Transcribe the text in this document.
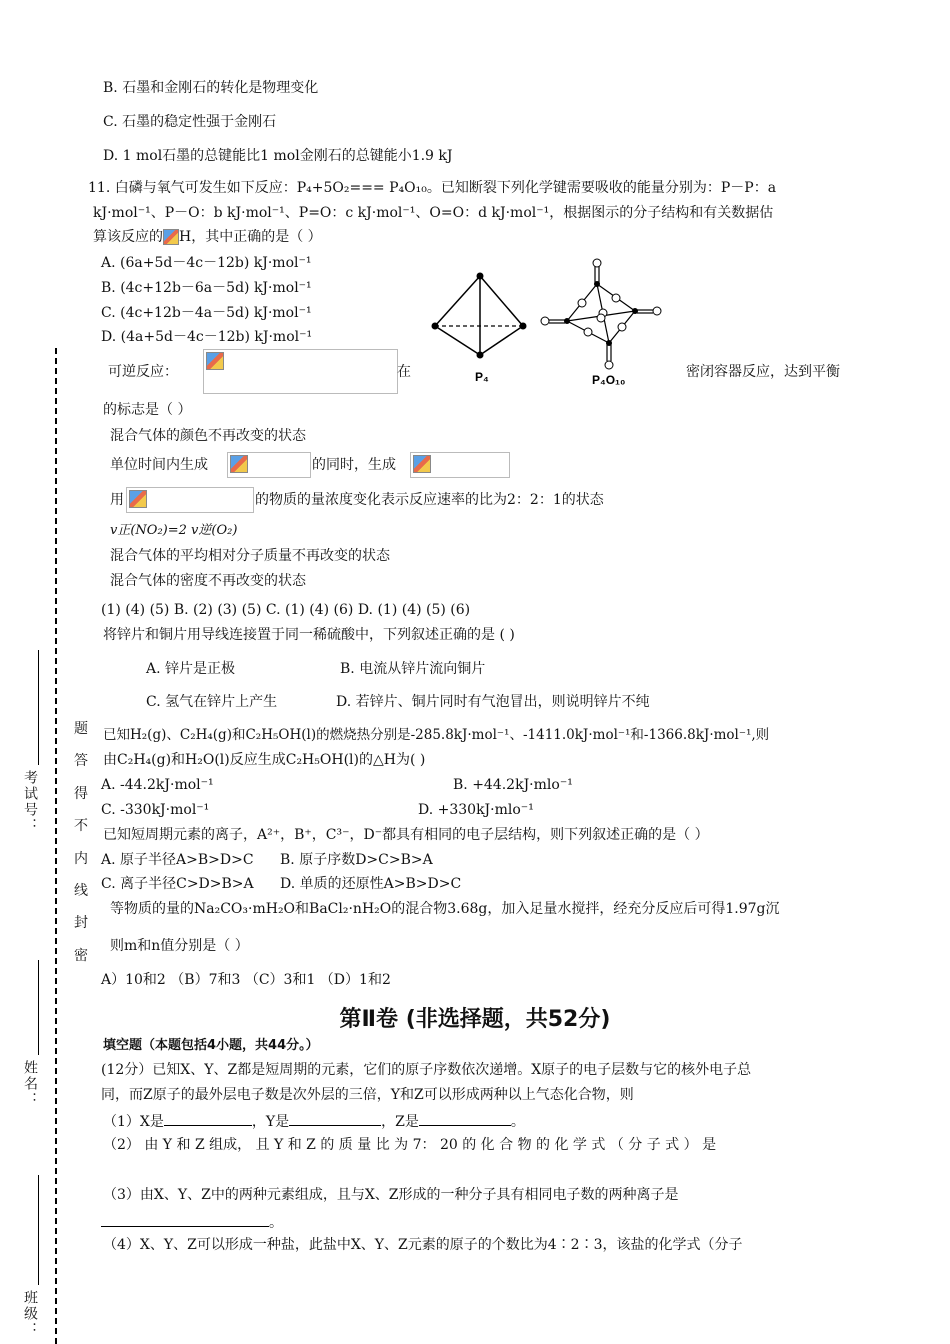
考试号：
姓名：
班级：
题
答
得
不
内
线
封
密
B. 石墨和金刚石的转化是物理变化
C. 石墨的稳定性强于金刚石
D. 1 mol石墨的总键能比1 mol金刚石的总键能小1.9 kJ
11. 白磷与氧气可发生如下反应：P₄+5O₂=== P₄O₁₀。已知断裂下列化学键需要吸收的能量分别为：P－P：a
kJ·mol⁻¹、P－O：b kJ·mol⁻¹、P=O：c kJ·mol⁻¹、O=O：d kJ·mol⁻¹，根据图示的分子结构和有关数据估
算该反应的 H，其中正确的是（ ）
A. (6a+5d－4c－12b) kJ·mol⁻¹
B. (4c+12b－6a－5d) kJ·mol⁻¹
C. (4c+12b－4a－5d) kJ·mol⁻¹
D. (4a+5d－4c－12b) kJ·mol⁻¹
P₄	P₄O₁₀
可逆反应：	在	密闭容器反应，达到平衡
的标志是（ ）
混合气体的颜色不再改变的状态
单位时间内生成	的同时，生成
用	的物质的量浓度变化表示反应速率的比为2：2：1的状态
v正(NO₂)=2 v逆(O₂)
混合气体的平均相对分子质量不再改变的状态
混合气体的密度不再改变的状态
(1) (4) (5) B. (2) (3) (5) C. (1) (4) (6) D. (1) (4) (5) (6)
将锌片和铜片用导线连接置于同一稀硫酸中，下列叙述正确的是 ( )
A. 锌片是正极	B. 电流从锌片流向铜片
C. 氢气在锌片上产生	D. 若锌片、铜片同时有气泡冒出，则说明锌片不纯
已知H₂(g)、C₂H₄(g)和C₂H₅OH(l)的燃烧热分别是-285.8kJ·mol⁻¹、-1411.0kJ·mol⁻¹和-1366.8kJ·mol⁻¹,则
由C₂H₄(g)和H₂O(l)反应生成C₂H₅OH(l)的△H为( )
A. -44.2kJ·mol⁻¹	B. +44.2kJ·mlo⁻¹
C. -330kJ·mol⁻¹	D. +330kJ·mlo⁻¹
已知短周期元素的离子，A²⁺，B⁺，C³⁻，D⁻都具有相同的电子层结构，则下列叙述正确的是（ ）
A. 原子半径A>B>D>C B. 原子序数D>C>B>A
C. 离子半径C>D>B>A D. 单质的还原性A>B>D>C
等物质的量的Na₂CO₃·mH₂O和BaCl₂·nH₂O的混合物3.68g，加入足量水搅拌，经充分反应后可得1.97g沉
则m和n值分别是（ ）
A）10和2 （B）7和3 （C）3和1 （D）1和2
第Ⅱ卷 (非选择题，共52分)
填空题（本题包括4小题，共44分。）
(12分）已知X、Y、Z都是短周期的元素，它们的原子序数依次递增。X原子的电子层数与它的核外电子总
同，而Z原子的最外层电子数是次外层的三倍，Y和Z可以形成两种以上气态化合物，则
（1）X是	，Y是	，Z是	。
（2） 由 Y 和 Z 组成， 且 Y 和 Z 的 质 量 比 为 7： 20 的 化 合 物 的 化 学 式 （ 分 子 式 ） 是
（3）由X、Y、Z中的两种元素组成，且与X、Z形成的一种分子具有相同电子数的两种离子是
。
（4）X、Y、Z可以形成一种盐，此盐中X、Y、Z元素的原子的个数比为4∶2∶3，该盐的化学式（分子
